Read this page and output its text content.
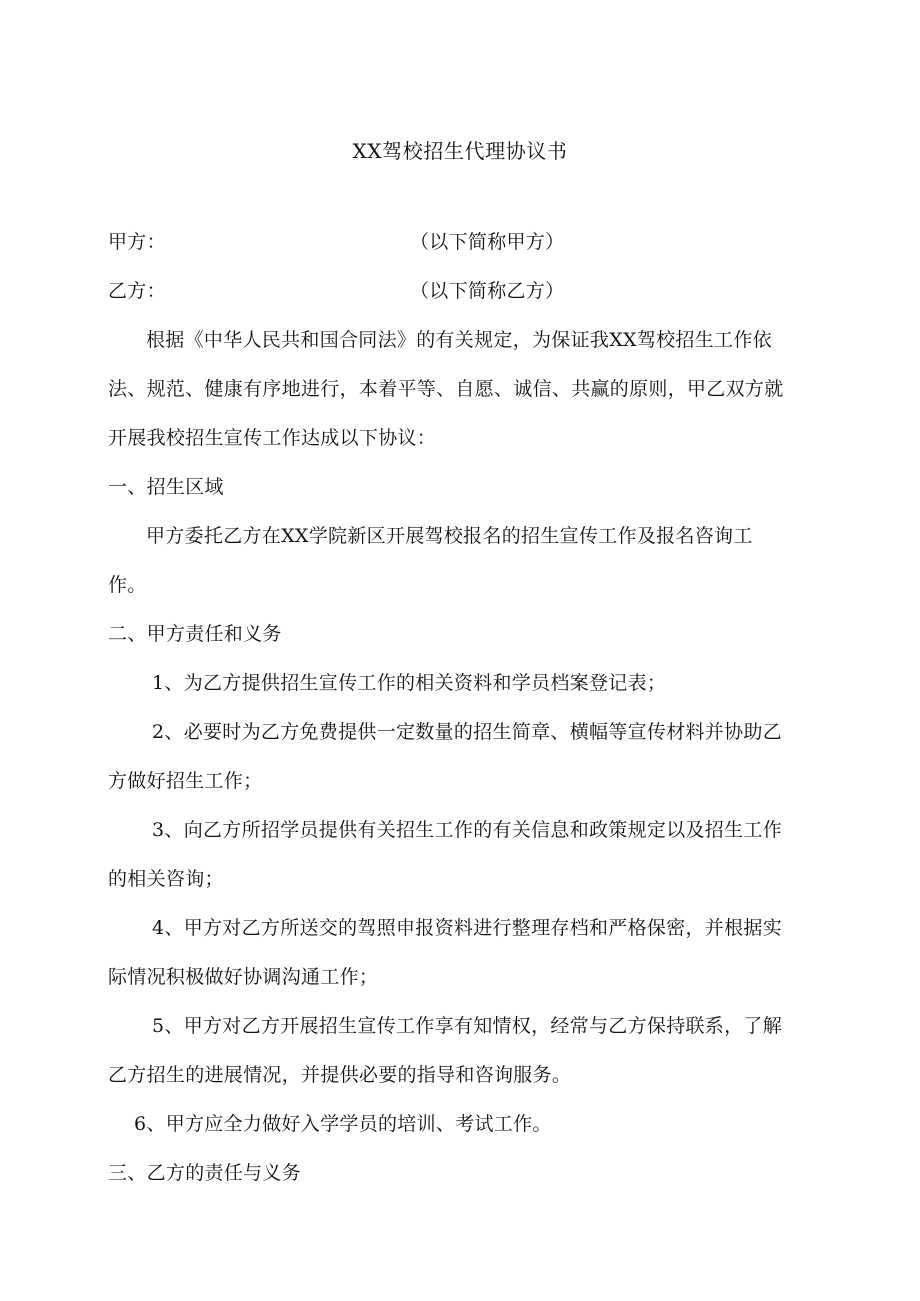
XX驾校招生代理协议书
甲方：	（以下简称甲方）
乙方：	（以下简称乙方）
根据《中华人民共和国合同法》的有关规定，为保证我XX驾校招生工作依
法、规范、健康有序地进行，本着平等、自愿、诚信、共赢的原则，甲乙双方就
开展我校招生宣传工作达成以下协议：
一、招生区域
甲方委托乙方在XX学院新区开展驾校报名的招生宣传工作及报名咨询工
作。
二、甲方责任和义务
1、为乙方提供招生宣传工作的相关资料和学员档案登记表；
2、必要时为乙方免费提供一定数量的招生简章、横幅等宣传材料并协助乙
方做好招生工作；
3、向乙方所招学员提供有关招生工作的有关信息和政策规定以及招生工作
的相关咨询；
4、甲方对乙方所送交的驾照申报资料进行整理存档和严格保密，并根据实
际情况积极做好协调沟通工作；
5、甲方对乙方开展招生宣传工作享有知情权，经常与乙方保持联系，了解
乙方招生的进展情况，并提供必要的指导和咨询服务。
6、甲方应全力做好入学学员的培训、考试工作。
三、乙方的责任与义务
